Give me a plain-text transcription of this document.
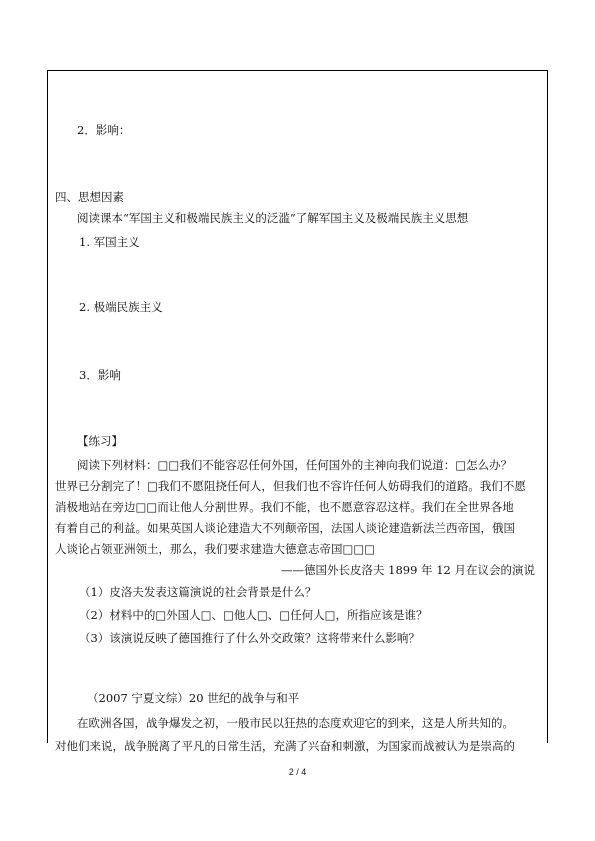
2．影响：
四、思想因素
阅读课本“军国主义和极端民族主义的泛滥”了解军国主义及极端民族主义思想
1. 军国主义
2. 极端民族主义
3．影响
【练习】
阅读下列材料：□□我们不能容忍任何外国，任何国外的主神向我们说道：□怎么办？
世界已分割完了！□我们不愿阻挠任何人，但我们也不容许任何人妨碍我们的道路。我们不愿
消极地站在旁边□□而让他人分割世界。我们不能，也不愿意容忍这样。我们在全世界各地
有着自己的利益。如果英国人谈论建造大不列颠帝国，法国人谈论建造新法兰西帝国，俄国
人谈论占领亚洲领土，那么，我们要求建造大德意志帝国□□□
——德国外长皮洛夫 1899 年 12 月在议会的演说
（1）皮洛夫发表这篇演说的社会背景是什么？
（2）材料中的□外国人□、□他人□、□任何人□，所指应该是谁？
（3）该演说反映了德国推行了什么外交政策？这将带来什么影响？
（2007 宁夏文综）20 世纪的战争与和平
在欧洲各国，战争爆发之初，一般市民以狂热的态度欢迎它的到来，这是人所共知的。
对他们来说，战争脱离了平凡的日常生活，充满了兴奋和刺激，为国家而战被认为是崇高的
2 / 4
